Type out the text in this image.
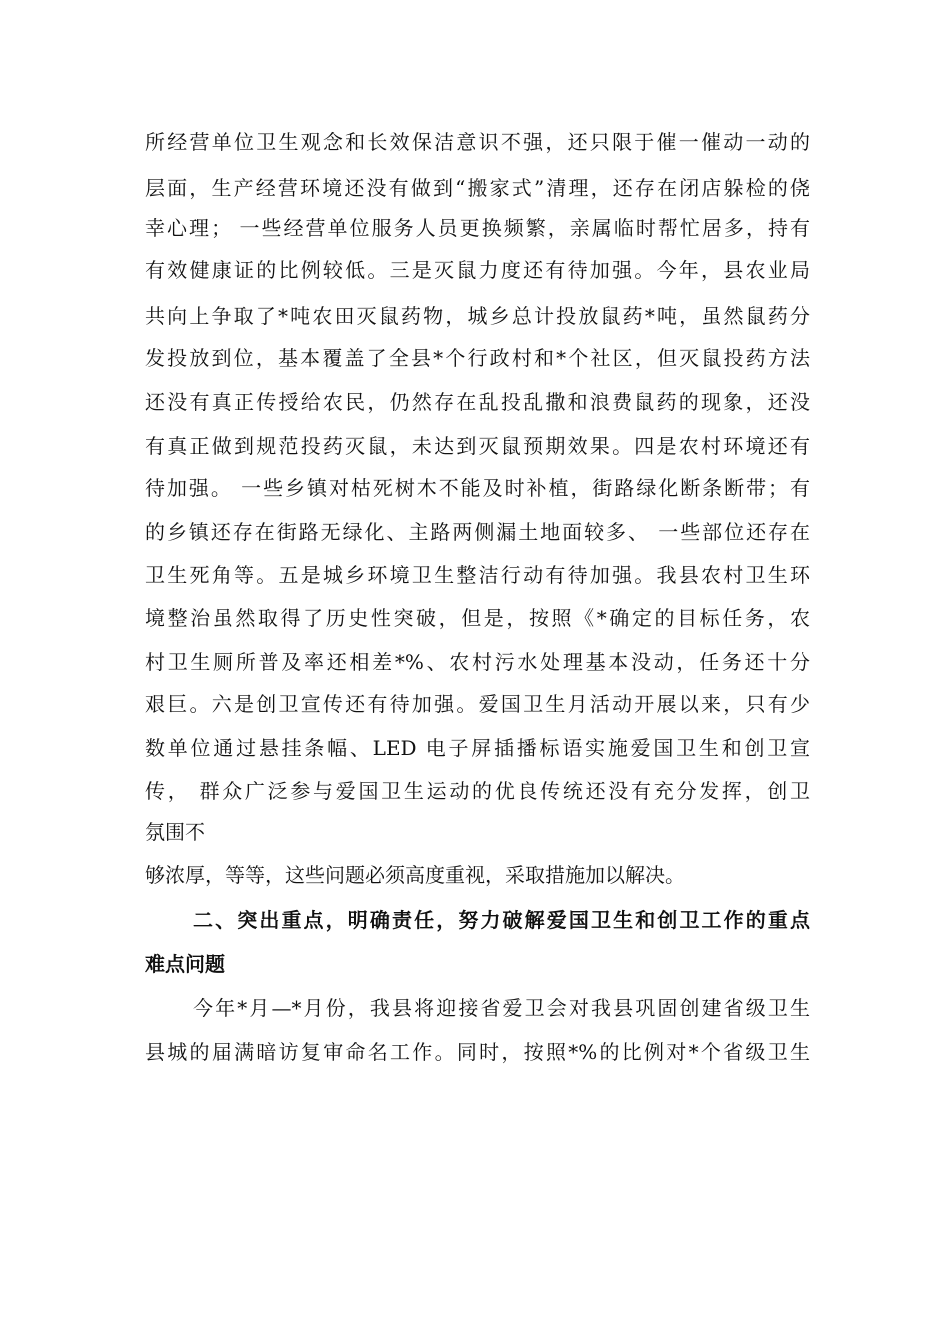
所经营单位卫生观念和长效保洁意识不强，还只限于催一催动一动的
层面，生产经营环境还没有做到“搬家式”清理，还存在闭店躲检的侥
幸心理； 一些经营单位服务人员更换频繁，亲属临时帮忙居多，持有
有效健康证的比例较低。三是灭鼠力度还有待加强。今年，县农业局
共向上争取了*吨农田灭鼠药物，城乡总计投放鼠药*吨，虽然鼠药分
发投放到位，基本覆盖了全县*个行政村和*个社区，但灭鼠投药方法
还没有真正传授给农民，仍然存在乱投乱撒和浪费鼠药的现象，还没
有真正做到规范投药灭鼠，未达到灭鼠预期效果。四是农村环境还有
待加强。 一些乡镇对枯死树木不能及时补植，街路绿化断条断带；有
的乡镇还存在街路无绿化、主路两侧漏土地面较多、 一些部位还存在
卫生死角等。五是城乡环境卫生整洁行动有待加强。我县农村卫生环
境整治虽然取得了历史性突破，但是，按照《*确定的目标任务，农
村卫生厕所普及率还相差*%、农村污水处理基本没动，任务还十分
艰巨。六是创卫宣传还有待加强。爱国卫生月活动开展以来，只有少
数单位通过悬挂条幅、LED 电子屏插播标语实施爱国卫生和创卫宣
传， 群众广泛参与爱国卫生运动的优良传统还没有充分发挥，创卫
氛围不
够浓厚，等等，这些问题必须高度重视，采取措施加以解决。
二、突出重点，明确责任，努力破解爱国卫生和创卫工作的重点
难点问题
今年*月—*月份，我县将迎接省爱卫会对我县巩固创建省级卫生
县城的届满暗访复审命名工作。同时，按照*%的比例对*个省级卫生
